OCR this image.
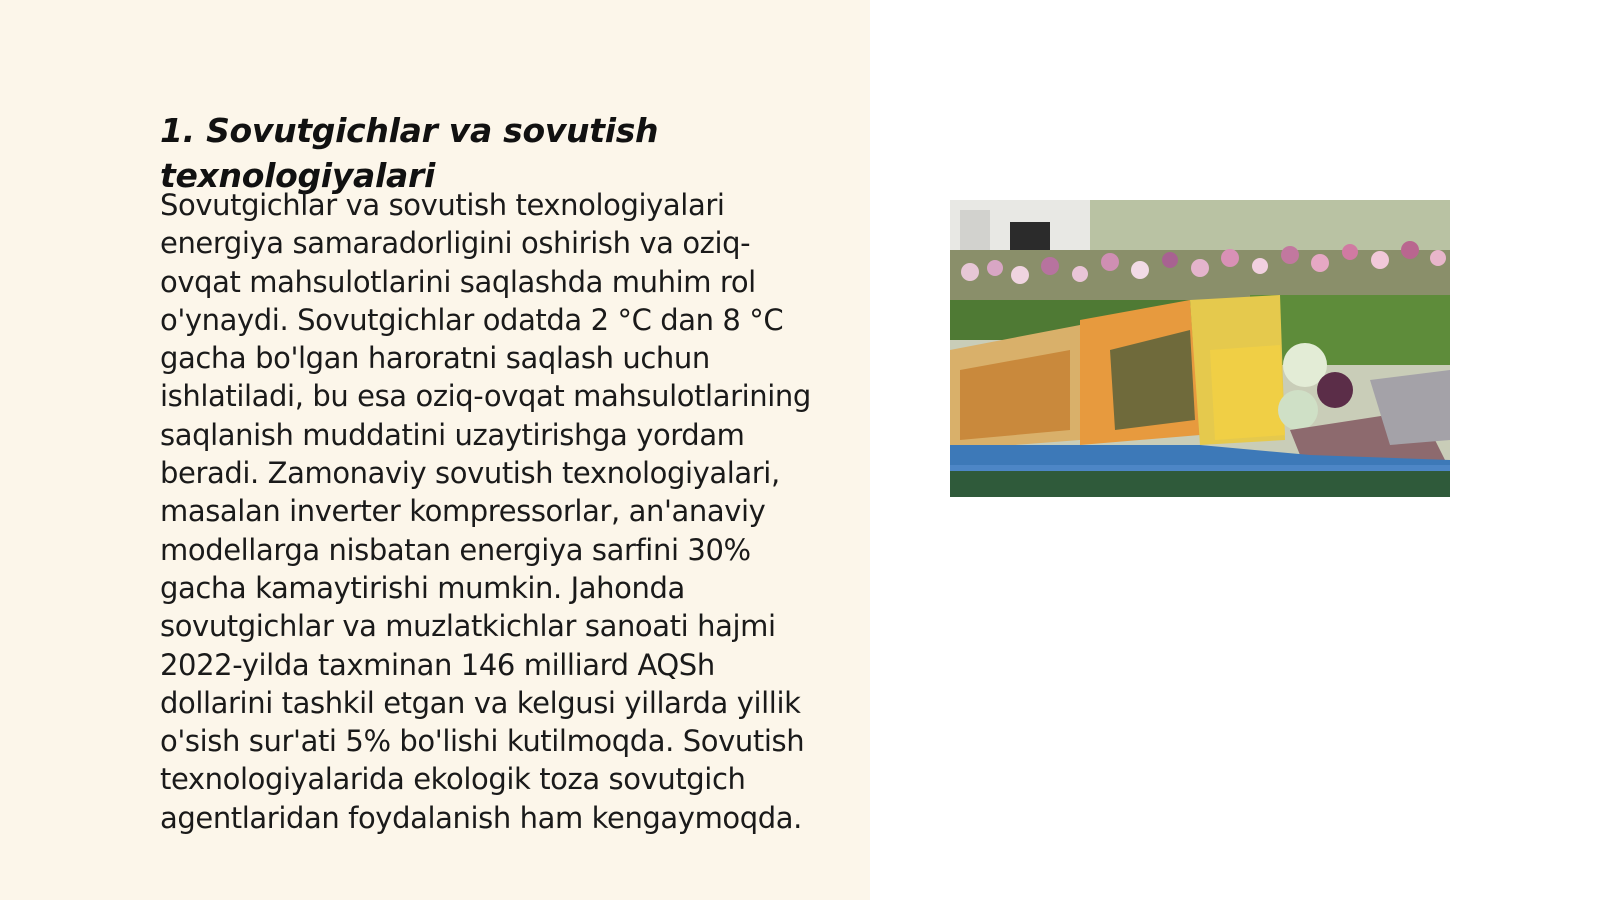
1. Sovutgichlar va sovutish texnologiyalari

Sovutgichlar va sovutish texnologiyalari energiya samaradorligini oshirish va oziq-ovqat mahsulotlarini saqlashda muhim rol o'ynaydi. Sovutgichlar odatda 2 °C dan 8 °C gacha bo'lgan haroratni saqlash uchun ishlatiladi, bu esa oziq-ovqat mahsulotlarining saqlanish muddatini uzaytirishga yordam beradi. Zamonaviy sovutish texnologiyalari, masalan inverter kompressorlar, an'anaviy modellarga nisbatan energiya sarfini 30% gacha kamaytirishi mumkin. Jahonda sovutgichlar va muzlatkichlar sanoati hajmi 2022-yilda taxminan 146 milliard AQSh dollarini tashkil etgan va kelgusi yillarda yillik o'sish sur'ati 5% bo'lishi kutilmoqda. Sovutish texnologiyalarida ekologik toza sovutgich agentlaridan foydalanish ham kengaymoqda.
